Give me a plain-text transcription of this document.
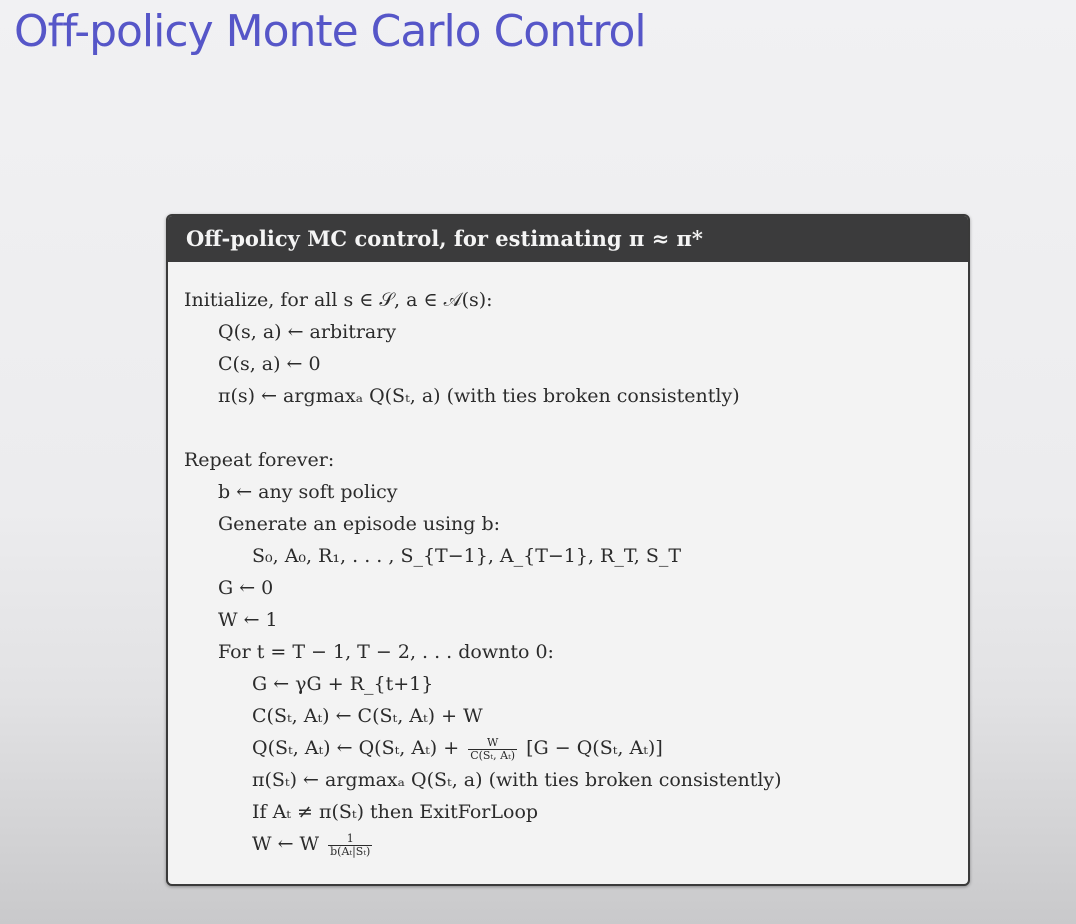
Off-policy Monte Carlo Control
Off-policy MC control, for estimating π ≈ π*
Initialize, for all s ∈ 𝒮, a ∈ 𝒜(s):
Q(s, a) ← arbitrary
C(s, a) ← 0
π(s) ← argmaxₐ Q(Sₜ, a) (with ties broken consistently)
Repeat forever:
b ← any soft policy
Generate an episode using b:
S₀, A₀, R₁, . . . , S_{T−1}, A_{T−1}, R_T, S_T
G ← 0
W ← 1
For t = T − 1, T − 2, . . . downto 0:
G ← γG + R_{t+1}
C(Sₜ, Aₜ) ← C(Sₜ, Aₜ) + W
Q(Sₜ, Aₜ) ← Q(Sₜ, $A_t) + \frac{W}{\text{C(Sₜ, Aₜ)}} [G - Q(S_t$, Aₜ)]
π(Sₜ) ← argmaxₐ Q(Sₜ, a) (with ties broken consistently)
If Aₜ ≠ π(Sₜ) then ExitForLoop
W ← W $\frac{1}{\text{b(Aₜ|Sₜ)}}$
